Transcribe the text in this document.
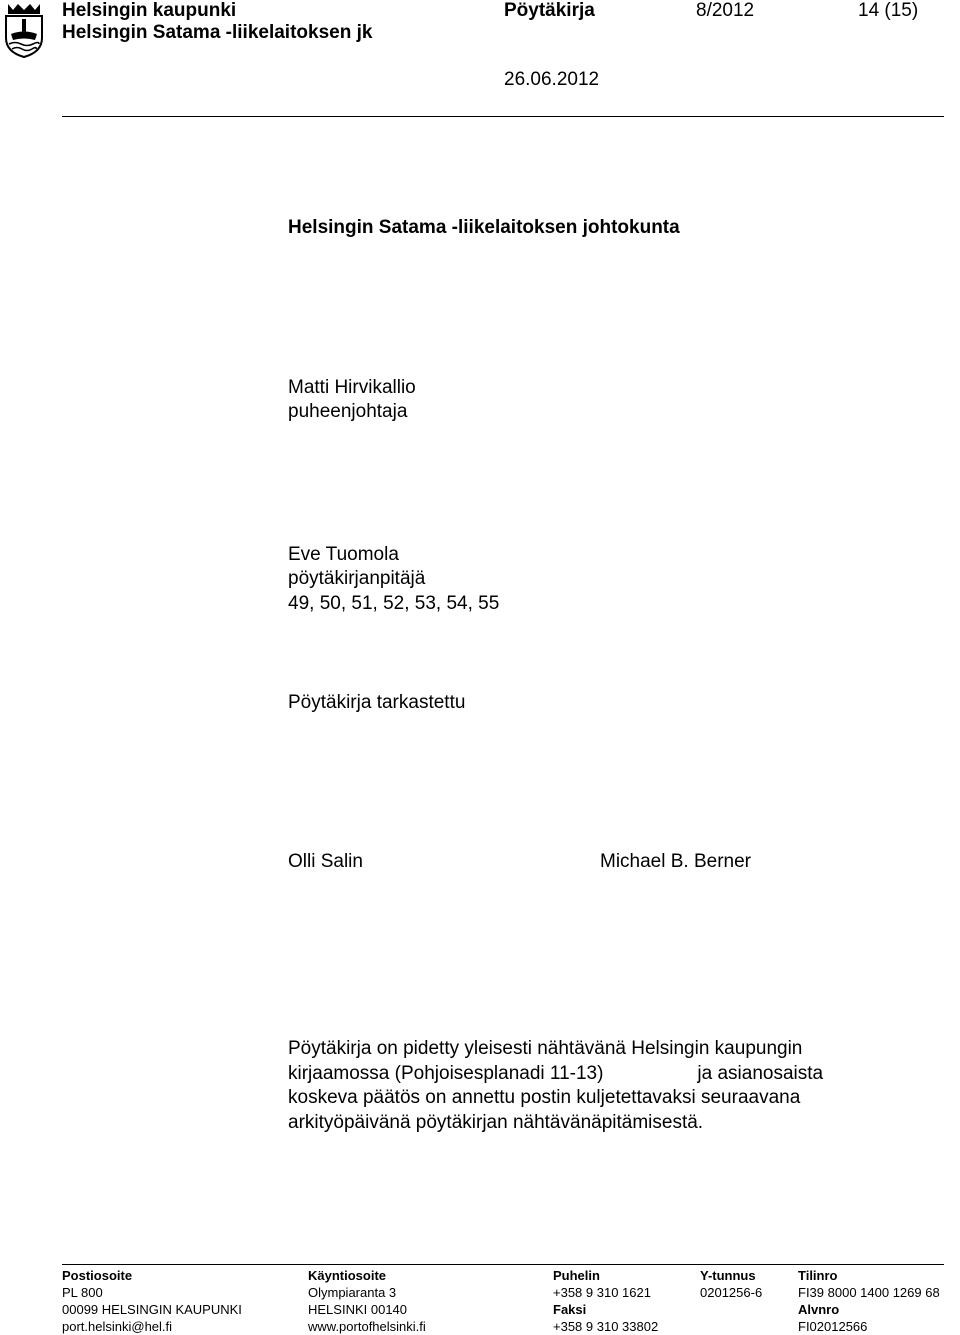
Helsingin kaupunki
Helsingin Satama -liikelaitoksen jk
Pöytäkirja	8/2012	14 (15)
26.06.2012
Helsingin Satama -liikelaitoksen johtokunta
Matti Hirvikallio
puheenjohtaja
Eve Tuomola
pöytäkirjanpitäjä
49, 50, 51, 52, 53, 54, 55
Pöytäkirja tarkastettu
Olli Salin	Michael B. Berner
Pöytäkirja on pidetty yleisesti nähtävänä Helsingin kaupungin
kirjaamossa (Pohjoisesplanadi 11-13)	ja asianosaista
koskeva päätös on annettu postin kuljetettavaksi seuraavana
arkityöpäivänä pöytäkirjan nähtävänäpitämisestä.
Postiosoite
PL 800
00099 HELSINGIN KAUPUNKI
port.helsinki@hel.fi
Käyntiosoite
Olympiaranta 3
HELSINKI 00140
www.portofhelsinki.fi
Puhelin
+358 9 310 1621
Faksi
+358 9 310 33802
Y-tunnus
0201256-6
Tilinro
FI39 8000 1400 1269 68
Alvnro
FI02012566
